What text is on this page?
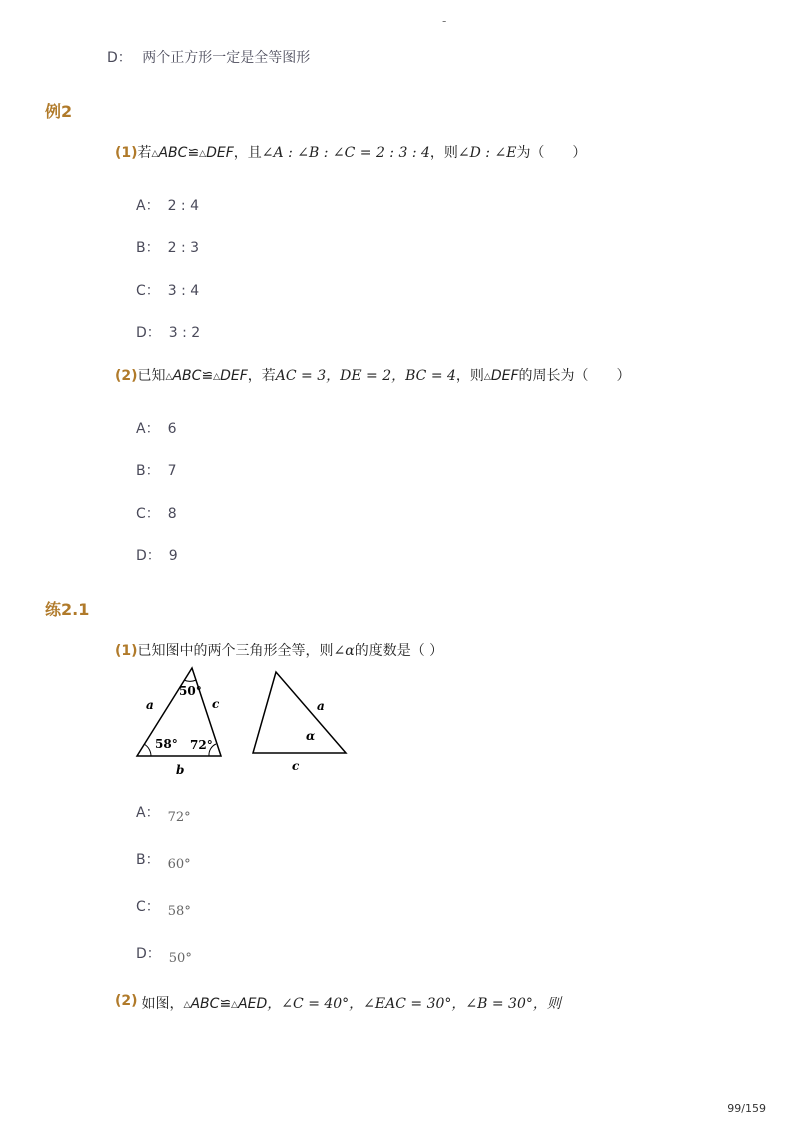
-
D： 两个正方形一定是全等图形
例2
(1)若△ABC≌△DEF，且∠A : ∠B : ∠C = 2 : 3 : 4，则∠D : ∠E为（　　）
A： 2 : 4
B： 2 : 3
C： 3 : 4
D： 3 : 2
(2)已知△ABC≌△DEF，若AC = 3，DE = 2，BC = 4，则△DEF的周长为（　　）
A： 6
B： 7
C： 8
D： 9
练2.1
(1)已知图中的两个三角形全等，则∠α的度数是（ ）
a
b
c
50°
58° 72°
a
c
α
A： 72°
B： 60°
C： 58°
D： 50°
(2) 如图，△ABC≌△AED，∠C = 40°，∠EAC = 30°，∠B = 30°，则
99/159
